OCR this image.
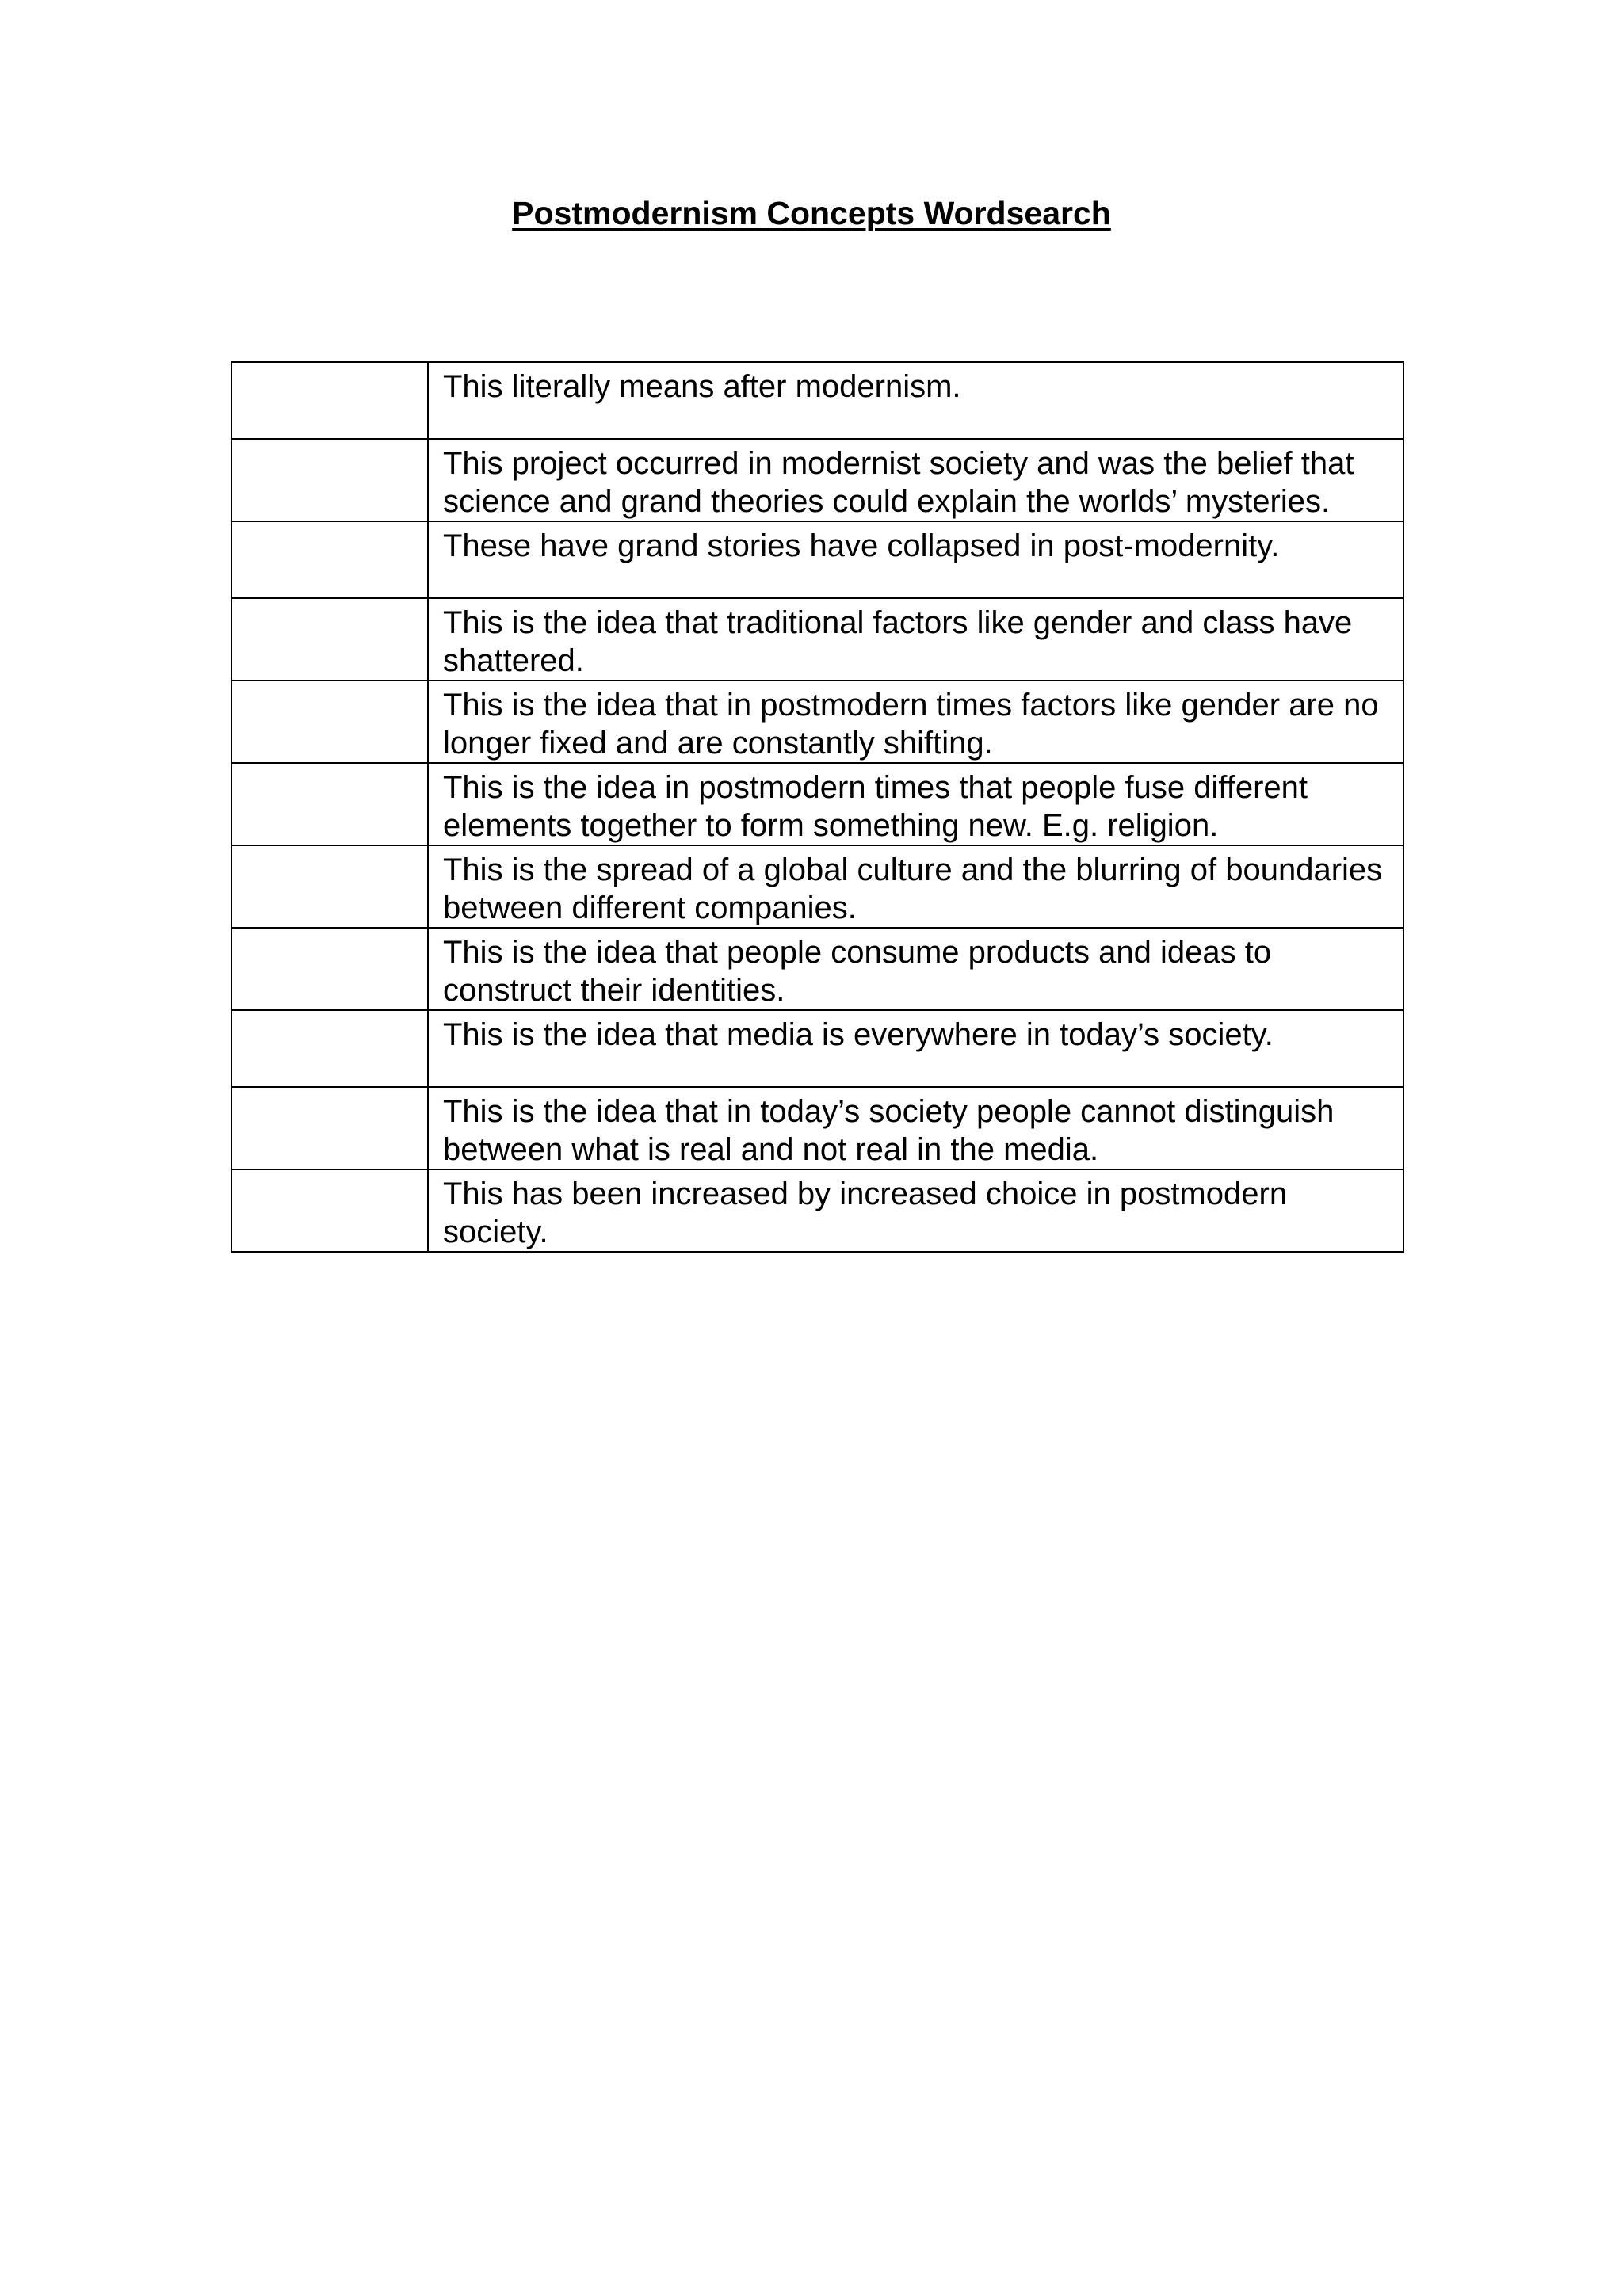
Postmodernism Concepts Wordsearch
	This literally means after modernism.
	This project occurred in modernist society and was the belief that science and grand theories could explain the worlds’ mysteries.
	These have grand stories have collapsed in post-modernity.
	This is the idea that traditional factors like gender and class have shattered.
	This is the idea that in postmodern times factors like gender are no longer fixed and are constantly shifting.
	This is the idea in postmodern times that people fuse different elements together to form something new. E.g. religion.
	This is the spread of a global culture and the blurring of boundaries between different companies.
	This is the idea that people consume products and ideas to construct their identities.
	This is the idea that media is everywhere in today’s society.
	This is the idea that in today’s society people cannot distinguish between what is real and not real in the media.
	This has been increased by increased choice in postmodern society.
